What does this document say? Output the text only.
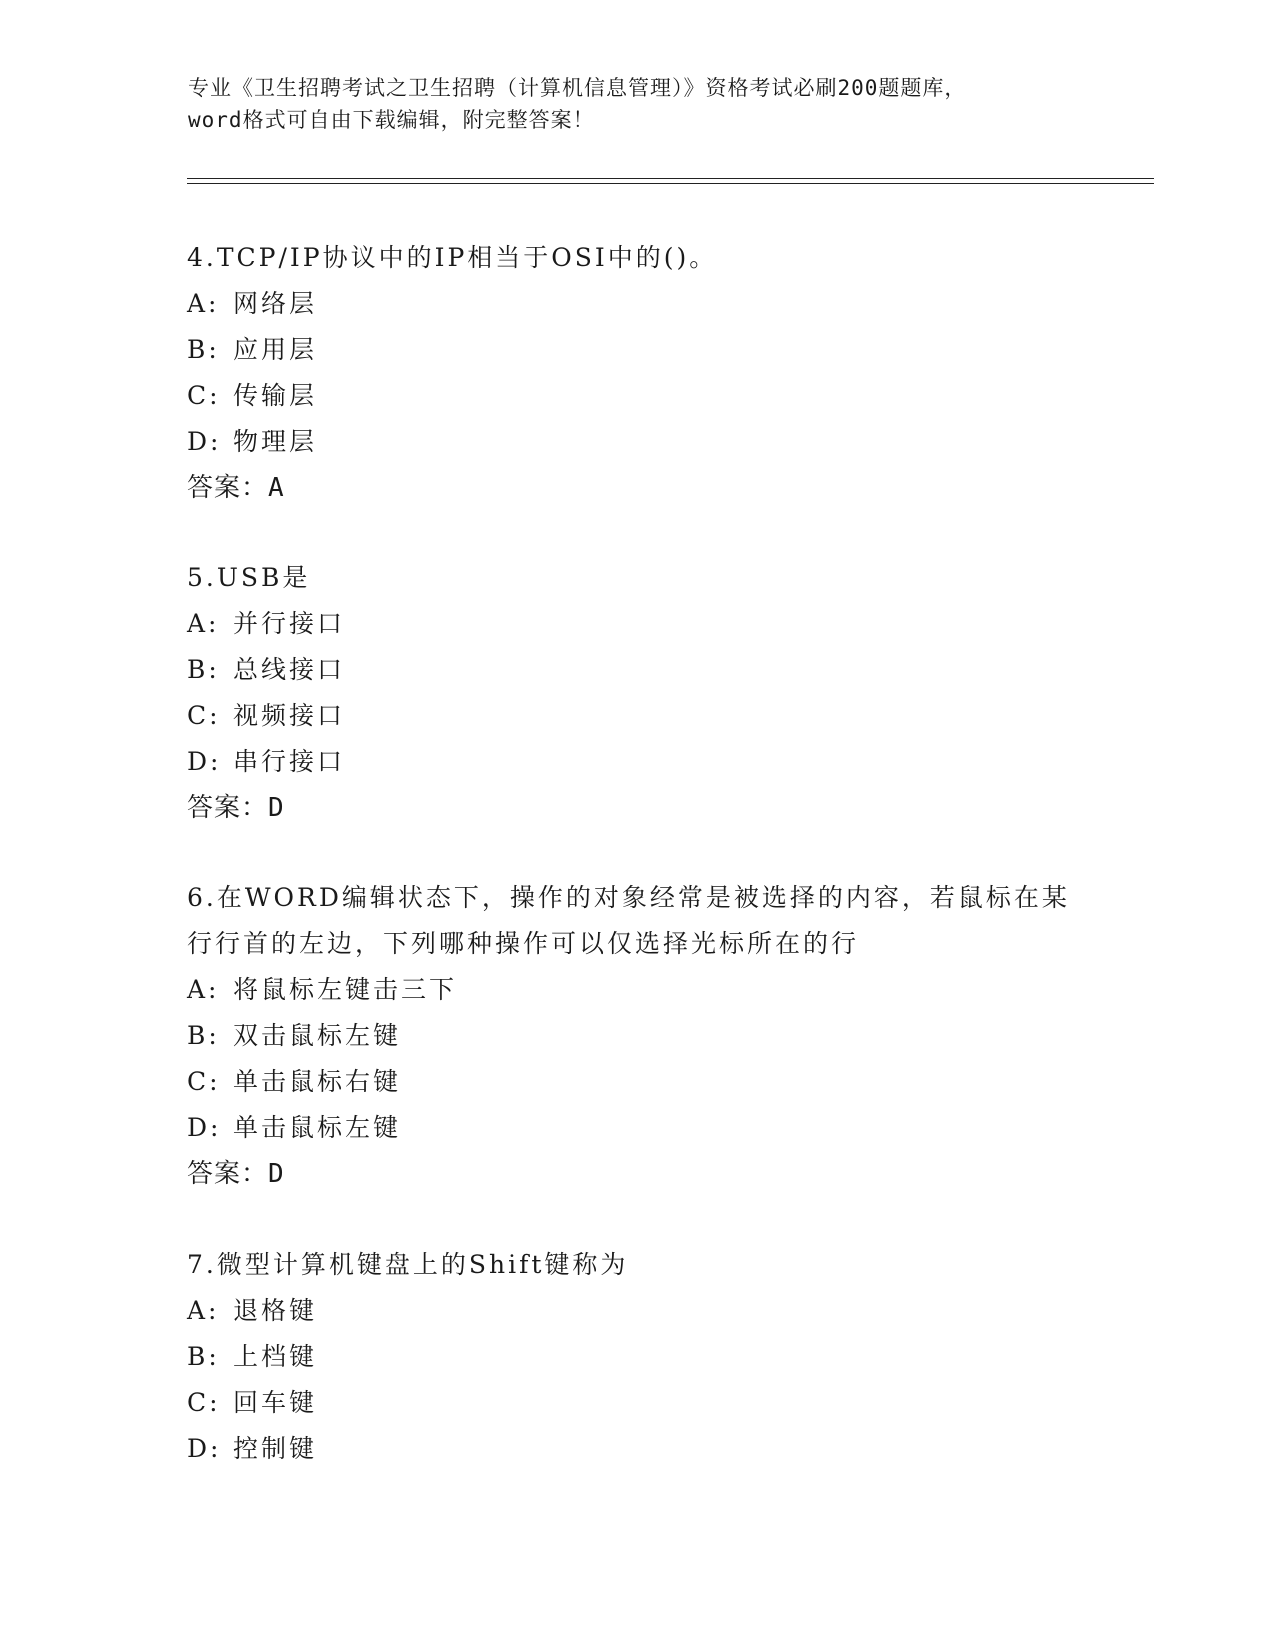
专业《卫生招聘考试之卫生招聘（计算机信息管理）》资格考试必刷200题题库，
word格式可自由下载编辑，附完整答案！
4.TCP/IP协议中的IP相当于OSI中的()。
A: 网络层
B: 应用层
C: 传输层
D: 物理层
答案：A
5.USB是
A: 并行接口
B: 总线接口
C: 视频接口
D: 串行接口
答案：D
6.在WORD编辑状态下，操作的对象经常是被选择的内容，若鼠标在某
行行首的左边，下列哪种操作可以仅选择光标所在的行
A: 将鼠标左键击三下
B: 双击鼠标左键
C: 单击鼠标右键
D: 单击鼠标左键
答案：D
7.微型计算机键盘上的Shift键称为
A: 退格键
B: 上档键
C: 回车键
D: 控制键
